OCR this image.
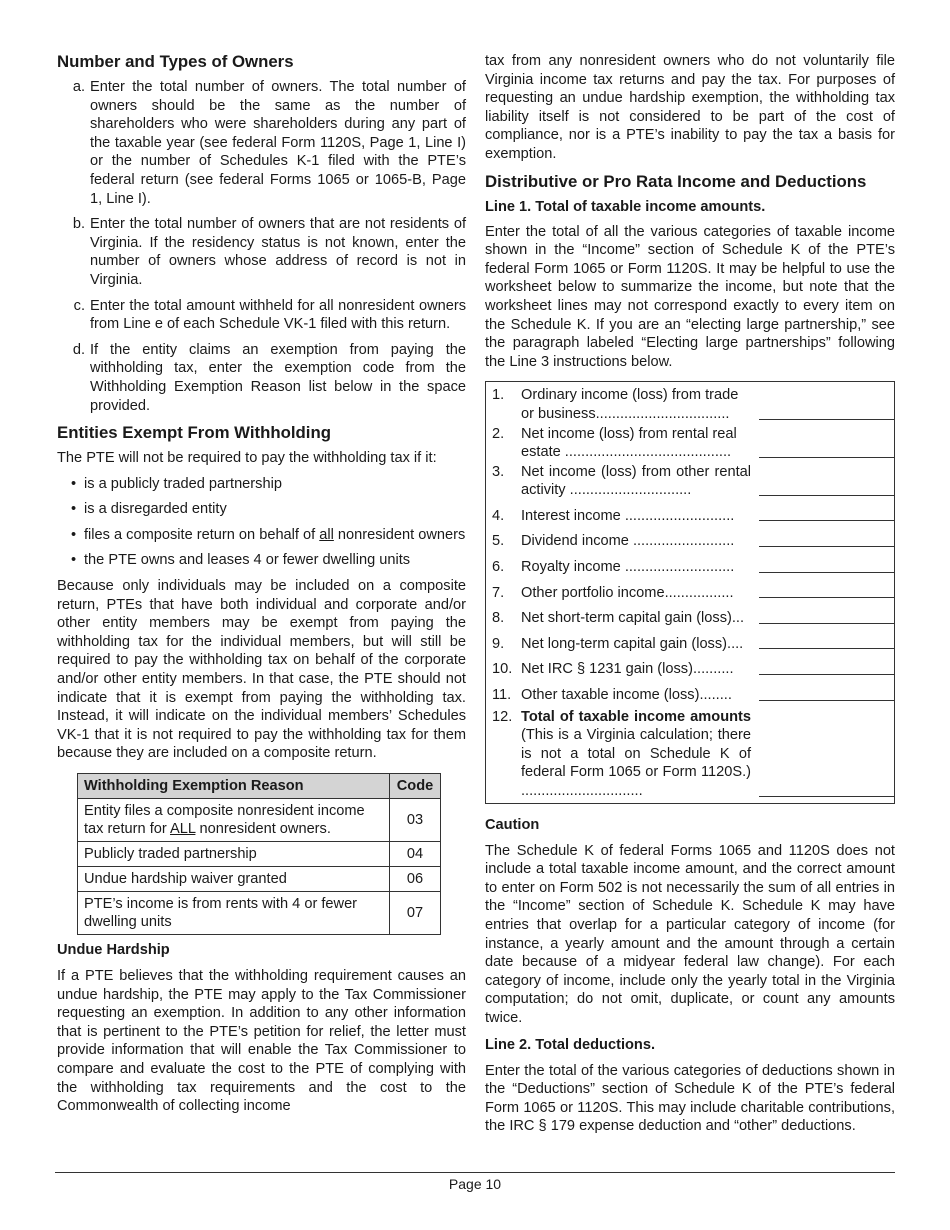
Number and Types of Owners
a. Enter the total number of owners. The total number of owners should be the same as the number of shareholders who were shareholders during any part of the taxable year (see federal Form 1120S, Page 1, Line I) or the number of Schedules K-1 filed with the PTE’s federal return (see federal Forms 1065 or 1065-B, Page 1, Line I).
b. Enter the total number of owners that are not residents of Virginia. If the residency status is not known, enter the number of owners whose address of record is not in Virginia.
c. Enter the total amount withheld for all nonresident owners from Line e of each Schedule VK-1 filed with this return.
d. If the entity claims an exemption from paying the withholding tax, enter the exemption code from the Withholding Exemption Reason list below in the space provided.
Entities Exempt From Withholding

The PTE will not be required to pay the withholding tax if it:

• is a publicly traded partnership
• is a disregarded entity
• files a composite return on behalf of all nonresident owners
• the PTE owns and leases 4 or fewer dwelling units

Because only individuals may be included on a composite return, PTEs that have both individual and corporate and/or other entity members may be exempt from paying the withholding tax for the individual members, but will still be required to pay the withholding tax on behalf of the corporate and/or other entity members. In that case, the PTE should not indicate that it is exempt from paying the withholding tax. Instead, it will indicate on the individual members’ Schedules VK-1 that it is not required to pay the withholding tax for them because they are included on a composite return.

Withholding Exemption Reason	Code
Entity files a composite nonresident income tax return for ALL nonresident owners.	03
Publicly traded partnership	04
Undue hardship waiver granted	06
PTE’s income is from rents with 4 or fewer dwelling units	07
Undue Hardship

If a PTE believes that the withholding requirement causes an undue hardship, the PTE may apply to the Tax Commissioner requesting an exemption. In addition to any other information that is pertinent to the PTE’s petition for relief, the letter must provide information that will enable the Tax Commissioner to compare and evaluate the cost to the PTE of complying with the withholding tax requirements and the cost to the Commonwealth of collecting income

tax from any nonresident owners who do not voluntarily file Virginia income tax returns and pay the tax. For purposes of requesting an undue hardship exemption, the withholding tax liability itself is not considered to be part of the cost of compliance, nor is a PTE’s inability to pay the tax a basis for exemption.

Distributive or Pro Rata Income and Deductions
Line 1. Total of taxable income amounts.

Enter the total of all the various categories of taxable income shown in the “Income” section of Schedule K of the PTE’s federal Form 1065 or Form 1120S. It may be helpful to use the worksheet below to summarize the income, but note that the worksheet lines may not correspond exactly to every item on the Schedule K. If you are an “electing large partnership,” see the paragraph labeled “Electing large partnerships” following the Line 3 instructions below.

1.	Ordinary income (loss) from trade or business.................................
2.	Net income (loss) from rental real estate .........................................
3.	Net income (loss) from other rental activity ..............................
4.	Interest income ...........................
5.	Dividend income .........................
6.	Royalty income ...........................
7.	Other portfolio income.................
8.	Net short-term capital gain (loss)...
9.	Net long-term capital gain (loss)....
10. Net IRC § 1231 gain (loss)..........
11. Other taxable income (loss)........
12. Total of taxable income amounts (This is a Virginia calculation; there is not a total on Schedule K of federal Form 1065 or Form 1120S.) ..............................
Caution

The Schedule K of federal Forms 1065 and 1120S does not include a total taxable income amount, and the correct amount to enter on Form 502 is not necessarily the sum of all entries in the “Income” section of Schedule K. Schedule K may have entries that overlap for a particular category of income (for instance, a yearly amount and the amount through a certain date because of a midyear federal law change). For each category of income, include only the yearly total in the Virginia computation; do not omit, duplicate, or count any amounts twice.

Line 2. Total deductions.

Enter the total of the various categories of deductions shown in the “Deductions” section of Schedule K of the PTE’s federal Form 1065 or 1120S. This may include charitable contributions, the IRC § 179 expense deduction and “other” deductions.

Page 10
